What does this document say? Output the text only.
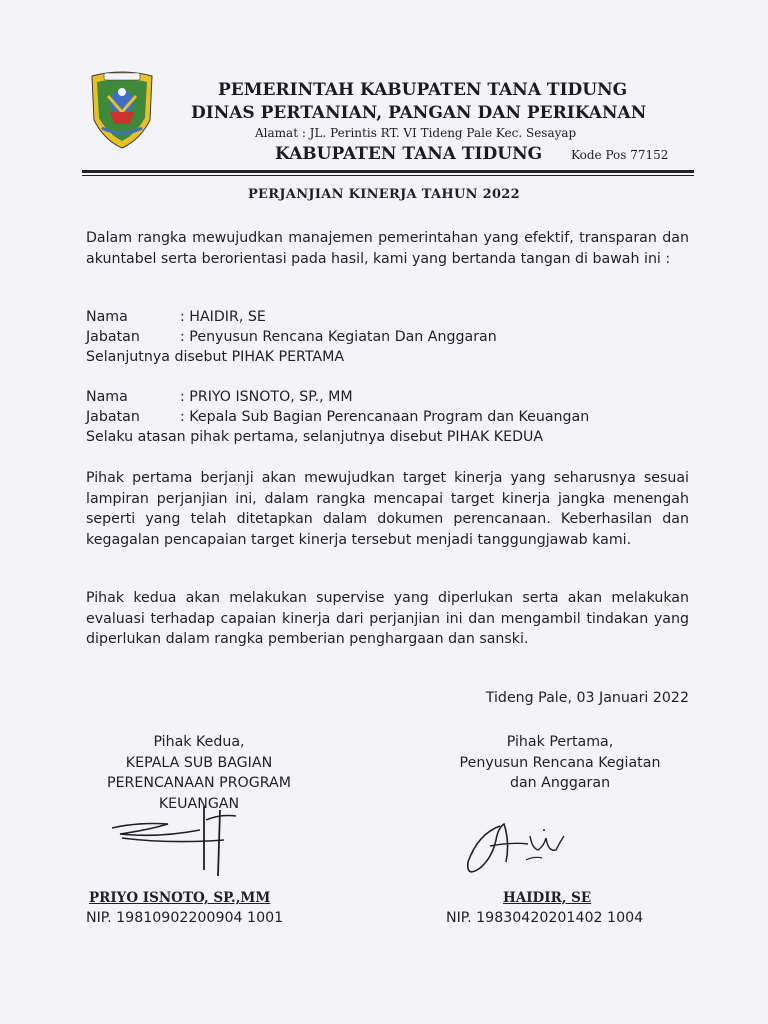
PEMERINTAH KABUPATEN TANA TIDUNG
DINAS PERTANIAN, PANGAN DAN PERIKANAN
Alamat : JL. Perintis RT. VI Tideng Pale Kec. Sesayap
KABUPATEN TANA TIDUNG Kode Pos 77152
PERJANJIAN KINERJA TAHUN 2022
Dalam rangka mewujudkan manajemen pemerintahan yang efektif, transparan dan akuntabel serta berorientasi pada hasil, kami yang bertanda tangan di bawah ini :
Nama	: HAIDIR, SE
Jabatan	: Penyusun Rencana Kegiatan Dan Anggaran
Selanjutnya disebut PIHAK PERTAMA
Nama	: PRIYO ISNOTO, SP., MM
Jabatan	: Kepala Sub Bagian Perencanaan Program dan Keuangan
Selaku atasan pihak pertama, selanjutnya disebut PIHAK KEDUA
Pihak pertama berjanji akan mewujudkan target kinerja yang seharusnya sesuai lampiran perjanjian ini, dalam rangka mencapai target kinerja jangka menengah seperti yang telah ditetapkan dalam dokumen perencanaan. Keberhasilan dan kegagalan pencapaian target kinerja tersebut menjadi tanggungjawab kami.
Pihak kedua akan melakukan supervise yang diperlukan serta akan melakukan evaluasi terhadap capaian kinerja dari perjanjian ini dan mengambil tindakan yang diperlukan dalam rangka pemberian penghargaan dan sanski.
Tideng Pale, 03 Januari 2022
Pihak Kedua,
KEPALA SUB BAGIAN
PERENCANAAN PROGRAM
KEUANGAN
Pihak Pertama,
Penyusun Rencana Kegiatan
dan Anggaran
PRIYO ISNOTO, SP.,MM
NIP. 19810902200904 1001
HAIDIR, SE
NIP. 19830420201402 1004
